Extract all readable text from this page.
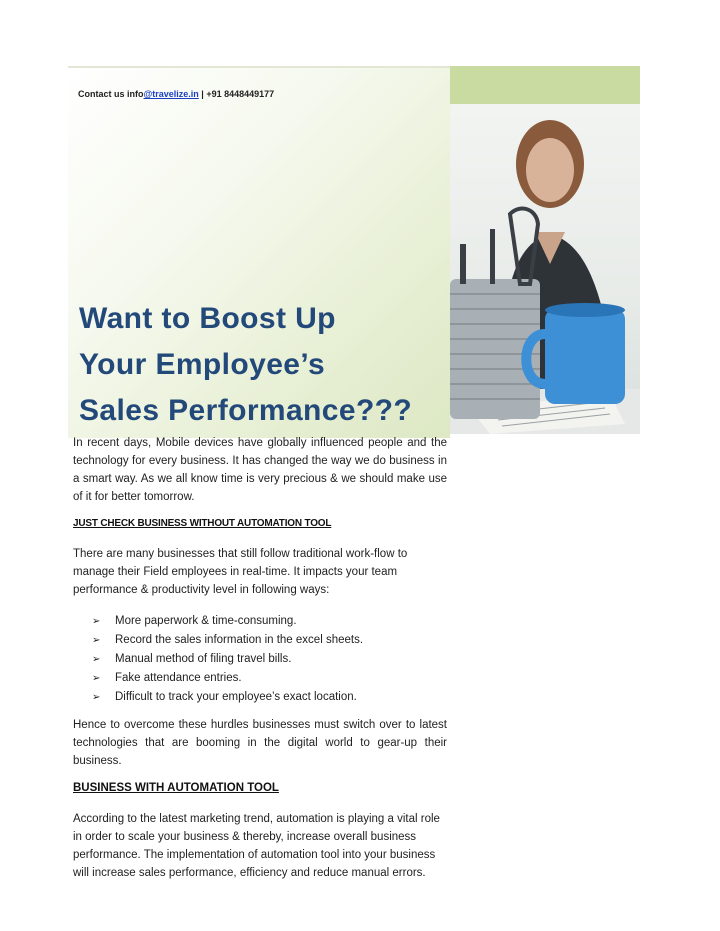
Contact us info@travelize.in | +91 8448449177
Want to Boost Up
Your Employee’s
Sales Performance???

In recent days, Mobile devices have globally influenced people and the technology for every business. It has changed the way we do business in a smart way. As we all know time is very precious & we should make use of it for better tomorrow.

JUST CHECK BUSINESS WITHOUT AUTOMATION TOOL

There are many businesses that still follow traditional work-flow to manage their Field employees in real-time. It impacts your team performance & productivity level in following ways:

➢ More paperwork & time-consuming.
➢ Record the sales information in the excel sheets.
➢ Manual method of filing travel bills.
➢ Fake attendance entries.
➢ Difficult to track your employee’s exact location.

Hence to overcome these hurdles businesses must switch over to latest technologies that are booming in the digital world to gear-up their business.

BUSINESS WITH AUTOMATION TOOL

According to the latest marketing trend, automation is playing a vital role in order to scale your business & thereby, increase overall business performance. The implementation of automation tool into your business will increase sales performance, efficiency and reduce manual errors.
